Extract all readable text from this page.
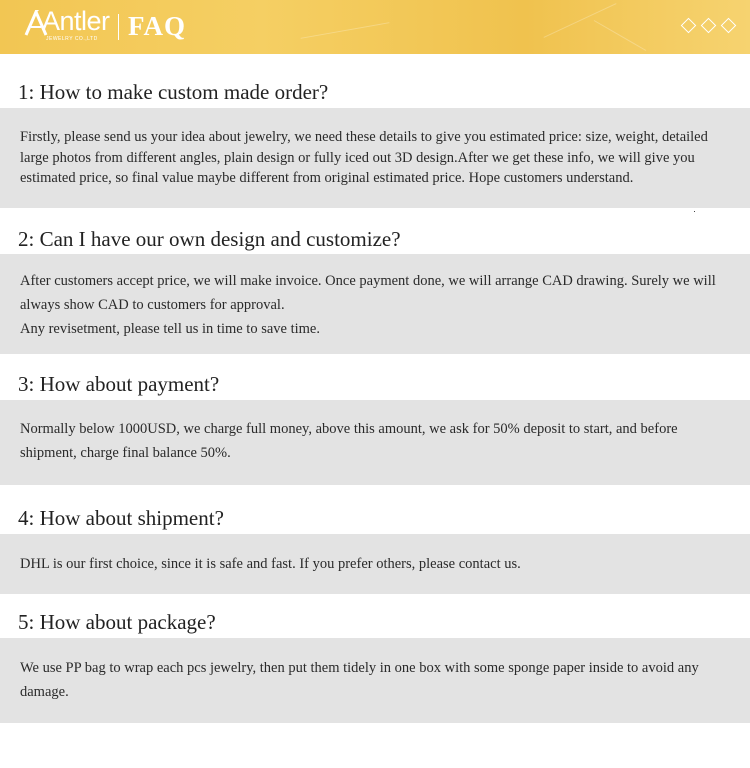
Antler
JEWELRY CO.,LTD FAQ
1: How to make custom made order?

Firstly, please send us your idea about jewelry, we need these details to give you estimated price: size, weight, detailed large photos from different angles, plain design or fully iced out 3D design.After we get these info, we will give you estimated price, so final value maybe different from original estimated price. Hope customers understand.

2: Can I have our own design and customize?

After customers accept price, we will make invoice. Once payment done, we will arrange CAD drawing. Surely we will always show CAD to customers for approval.

Any revisetment, please tell us in time to save time.

3: How about payment?

Normally below 1000USD, we charge full money, above this amount, we ask for 50% deposit to start, and before shipment, charge final balance 50%.

4: How about shipment?

DHL is our first choice, since it is safe and fast. If you prefer others, please contact us.

5: How about package?

We use PP bag to wrap each pcs jewelry, then put them tidely in one box with some sponge paper inside to avoid any damage.
